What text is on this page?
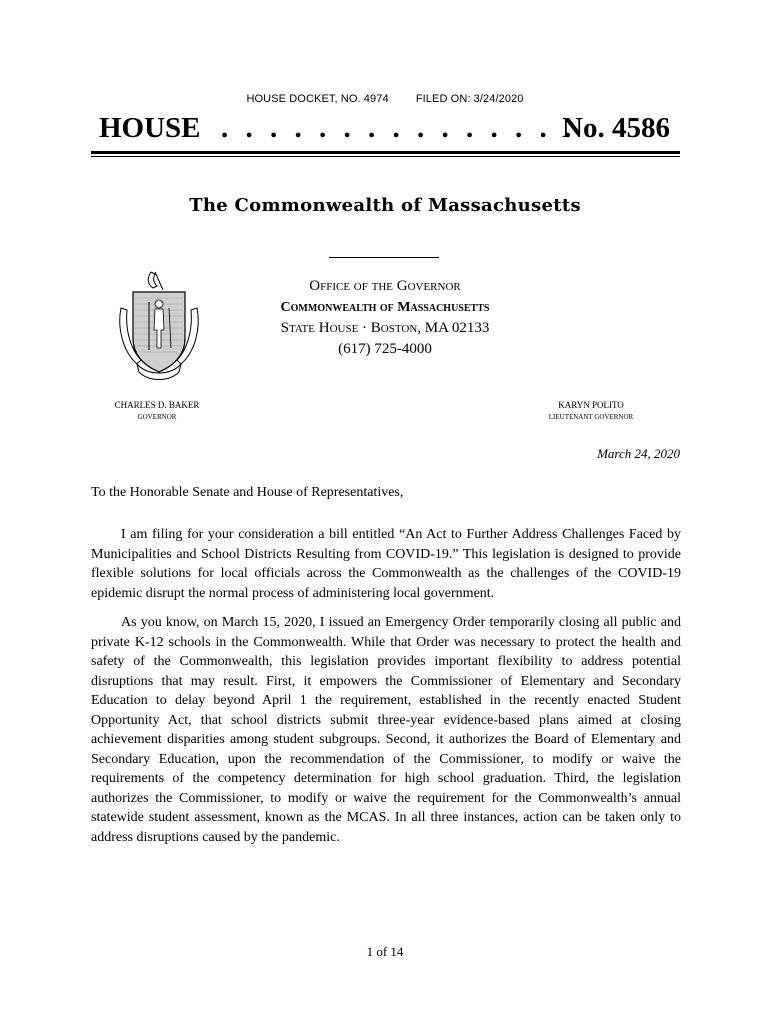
HOUSE DOCKET, NO. 4974 FILED ON: 3/24/2020
HOUSE . . . . . . . . . . . . . . .
No. 4586
The Commonwealth of Massachusetts
Office of the Governor
Commonwealth of Massachusetts
State House · Boston, MA 02133
(617) 725-4000
CHARLES D. BAKER
GOVERNOR
KARYN POLITO
LIEUTENANT GOVERNOR
March 24, 2020
To the Honorable Senate and House of Representatives,

I am filing for your consideration a bill entitled “An Act to Further Address Challenges Faced by Municipalities and School Districts Resulting from COVID-19.” This legislation is designed to provide flexible solutions for local officials across the Commonwealth as the challenges of the COVID-19 epidemic disrupt the normal process of administering local government.

As you know, on March 15, 2020, I issued an Emergency Order temporarily closing all public and private K-12 schools in the Commonwealth. While that Order was necessary to protect the health and safety of the Commonwealth, this legislation provides important flexibility to address potential disruptions that may result. First, it empowers the Commissioner of Elementary and Secondary Education to delay beyond April 1 the requirement, established in the recently enacted Student Opportunity Act, that school districts submit three-year evidence-based plans aimed at closing achievement disparities among student subgroups. Second, it authorizes the Board of Elementary and Secondary Education, upon the recommendation of the Commissioner, to modify or waive the requirements of the competency determination for high school graduation. Third, the legislation authorizes the Commissioner, to modify or waive the requirement for the Commonwealth’s annual statewide student assessment, known as the MCAS. In all three instances, action can be taken only to address disruptions caused by the pandemic.

1 of 14
